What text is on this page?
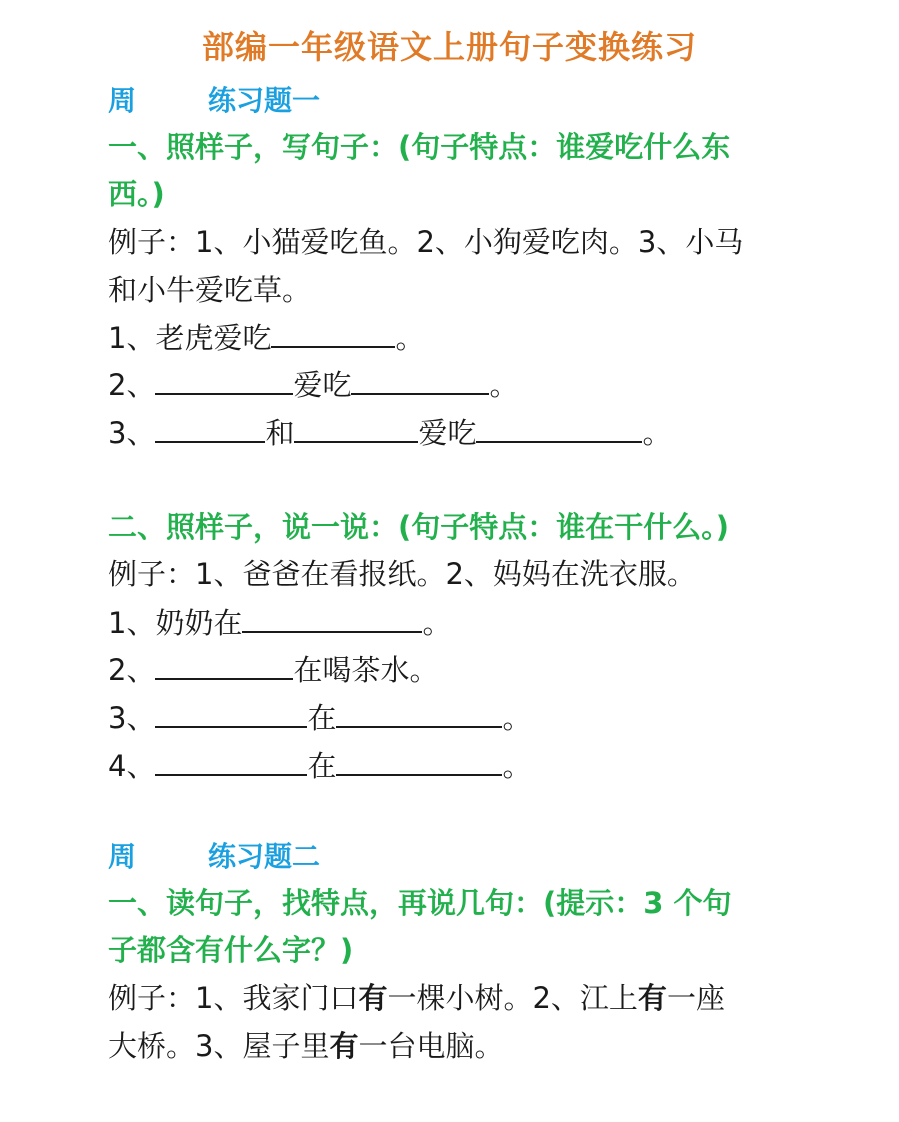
部编一年级语文上册句子变换练习
周	练习题一
一、照样子，写句子：(句子特点：谁爱吃什么东
西。)
例子：1、小猫爱吃鱼。2、小狗爱吃肉。3、小马
和小牛爱吃草。
1、老虎爱吃	。
2、	爱吃	。
3、	和	爱吃	。
二、照样子，说一说：(句子特点：谁在干什么。)
例子：1、爸爸在看报纸。2、妈妈在洗衣服。
1、奶奶在	。
2、	在喝茶水。
3、	在	。
4、	在	。
周	练习题二
一、读句子，找特点，再说几句：(提示：3 个句
子都含有什么字？)
例子：1、我家门口有一棵小树。2、江上有一座
大桥。3、屋子里有一台电脑。
